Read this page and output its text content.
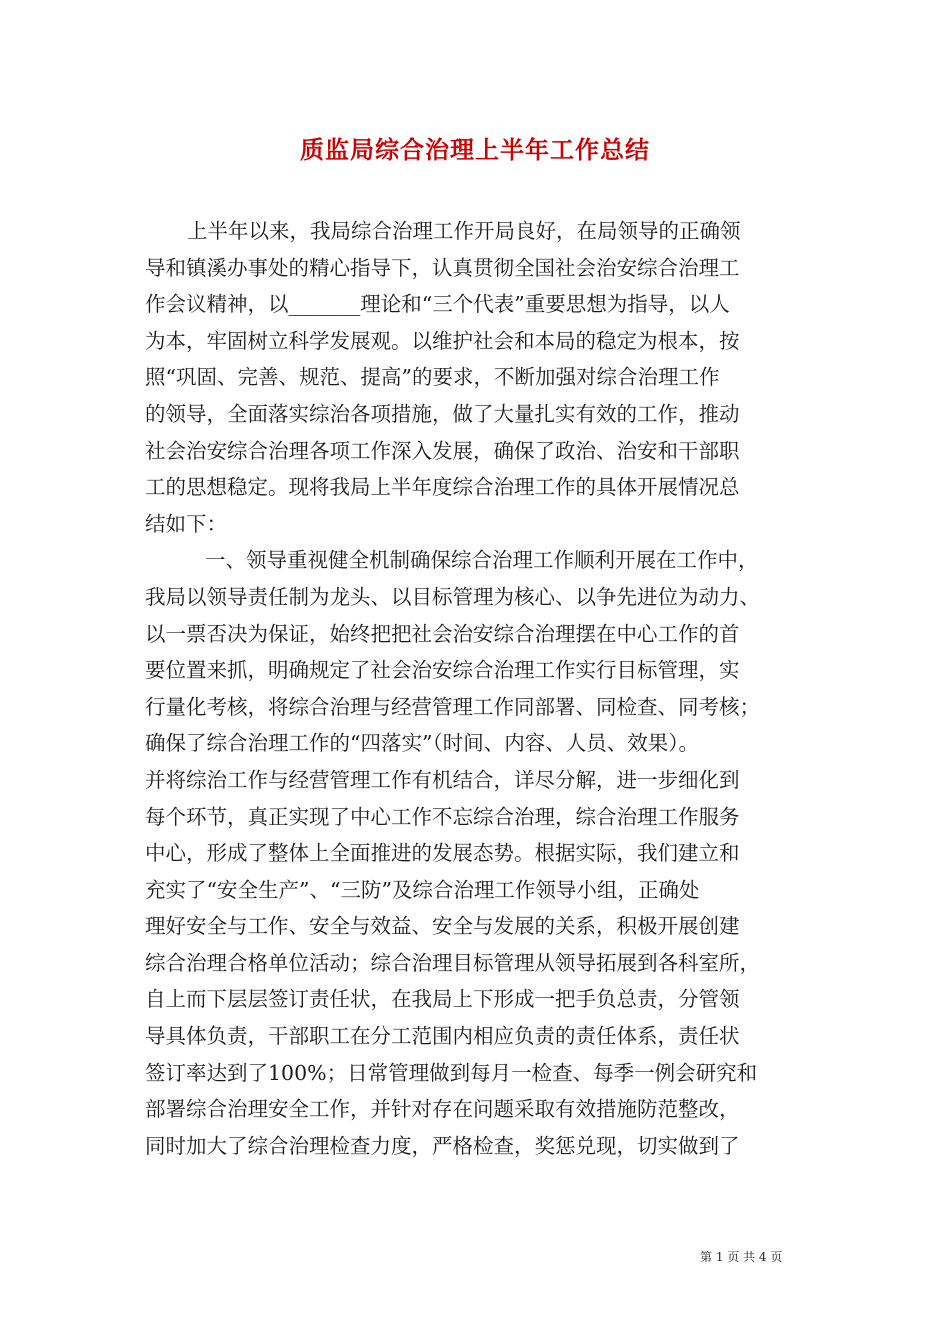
质监局综合治理上半年工作总结
上半年以来，我局综合治理工作开局良好，在局领导的正确领
导和镇溪办事处的精心指导下，认真贯彻全国社会治安综合治理工
作会议精神，以_______理论和“三个代表”重要思想为指导，以人
为本，牢固树立科学发展观。以维护社会和本局的稳定为根本，按
照“巩固、完善、规范、提高”的要求，不断加强对综合治理工作
的领导，全面落实综治各项措施，做了大量扎实有效的工作，推动
社会治安综合治理各项工作深入发展，确保了政治、治安和干部职
工的思想稳定。现将我局上半年度综合治理工作的具体开展情况总
结如下：
一、领导重视健全机制确保综合治理工作顺利开展在工作中，
我局以领导责任制为龙头、以目标管理为核心、以争先进位为动力、
以一票否决为保证，始终把把社会治安综合治理摆在中心工作的首
要位置来抓，明确规定了社会治安综合治理工作实行目标管理，实
行量化考核，将综合治理与经营管理工作同部署、同检查、同考核；
确保了综合治理工作的“四落实”（时间、内容、人员、效果）。
并将综治工作与经营管理工作有机结合，详尽分解，进一步细化到
每个环节，真正实现了中心工作不忘综合治理，综合治理工作服务
中心，形成了整体上全面推进的发展态势。根据实际，我们建立和
充实了“安全生产”、“三防”及综合治理工作领导小组，正确处
理好安全与工作、安全与效益、安全与发展的关系，积极开展创建
综合治理合格单位活动；综合治理目标管理从领导拓展到各科室所，
自上而下层层签订责任状，在我局上下形成一把手负总责，分管领
导具体负责，干部职工在分工范围内相应负责的责任体系，责任状
签订率达到了100%；日常管理做到每月一检查、每季一例会研究和
部署综合治理安全工作，并针对存在问题采取有效措施防范整改，
同时加大了综合治理检查力度，严格检查，奖惩兑现，切实做到了
第 1 页 共 4 页
